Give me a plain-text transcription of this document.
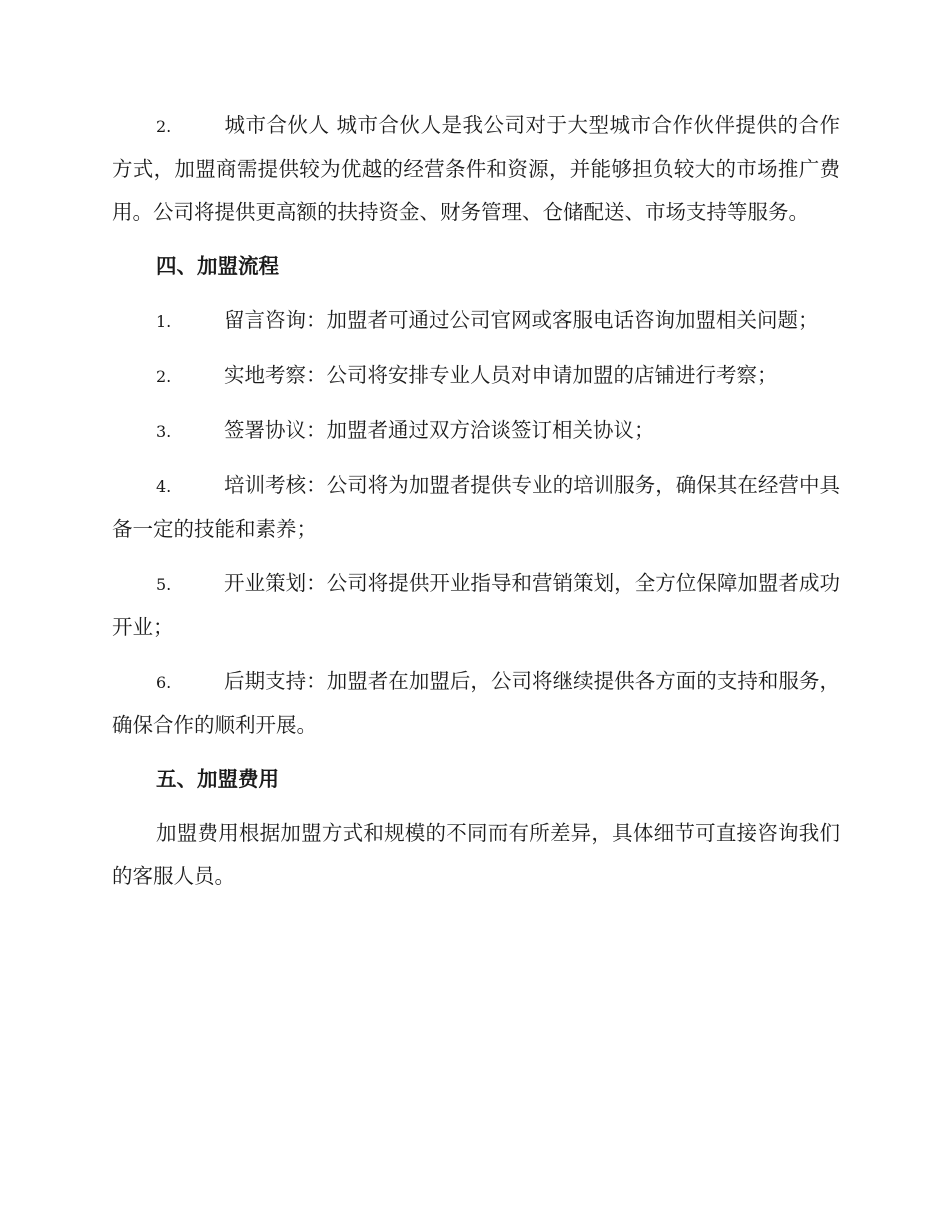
2.	城市合伙人 城市合伙人是我公司对于大型城市合作伙伴提供的合作方式，加盟商需提供较为优越的经营条件和资源，并能够担负较大的市场推广费用。公司将提供更高额的扶持资金、财务管理、仓储配送、市场支持等服务。

四、加盟流程

1.	留言咨询：加盟者可通过公司官网或客服电话咨询加盟相关问题；

2.	实地考察：公司将安排专业人员对申请加盟的店铺进行考察；

3.	签署协议：加盟者通过双方洽谈签订相关协议；

4.	培训考核：公司将为加盟者提供专业的培训服务，确保其在经营中具备一定的技能和素养；

5.	开业策划：公司将提供开业指导和营销策划，全方位保障加盟者成功开业；

6.	后期支持：加盟者在加盟后，公司将继续提供各方面的支持和服务，确保合作的顺利开展。

五、加盟费用

加盟费用根据加盟方式和规模的不同而有所差异，具体细节可直接咨询我们的客服人员。
